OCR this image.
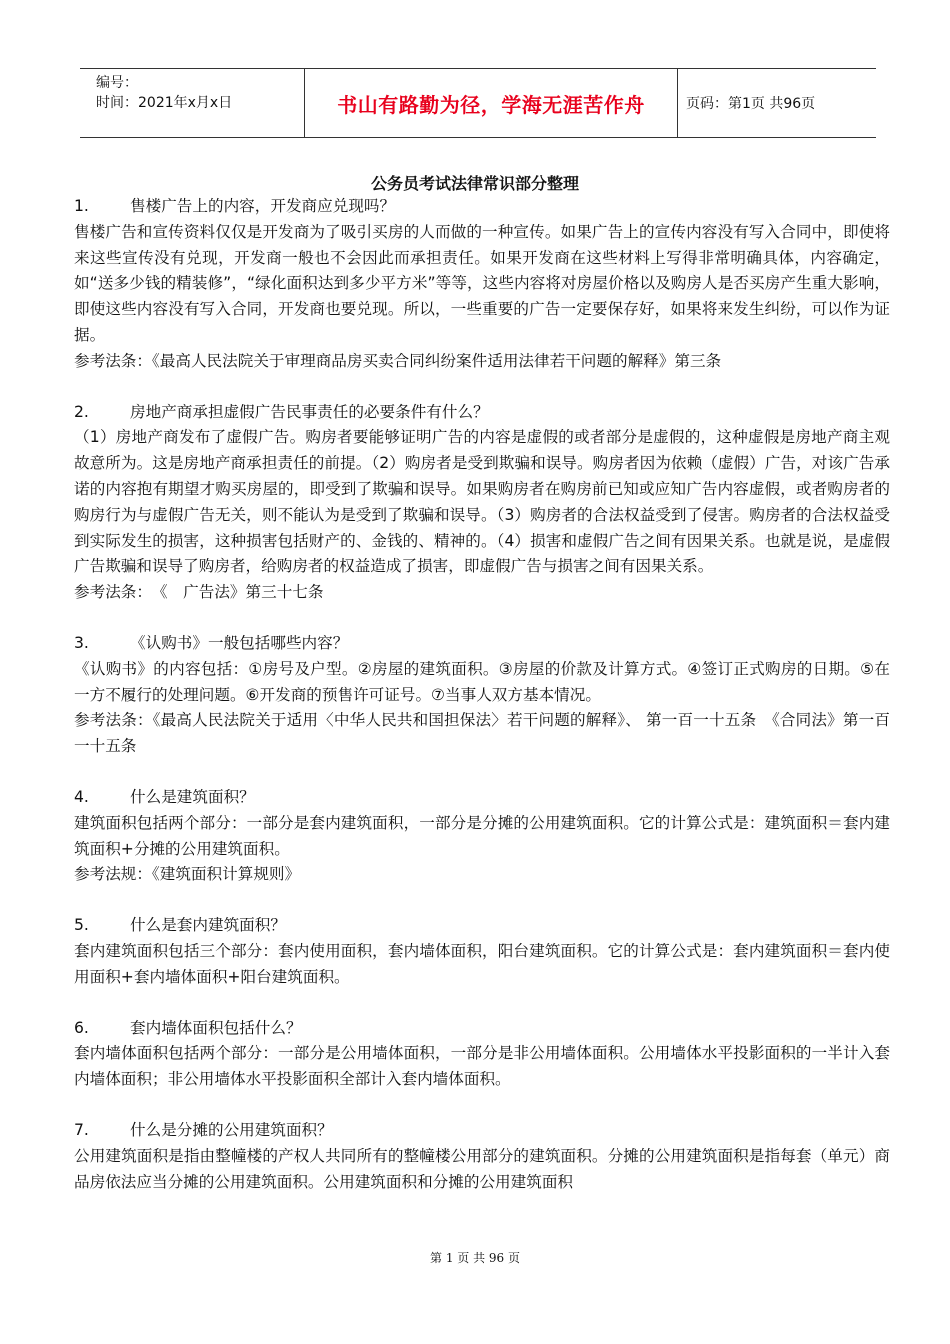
编号：
时间：2021年x月x日	书山有路勤为径，学海无涯苦作舟	页码：第1页 共96页
公务员考试法律常识部分整理
1.	售楼广告上的内容，开发商应兑现吗？
售楼广告和宣传资料仅仅是开发商为了吸引买房的人而做的一种宣传。如果广告上的宣传内容没有写入合同中，即使将来这些宣传没有兑现，开发商一般也不会因此而承担责任。如果开发商在这些材料上写得非常明确具体，内容确定，如“送多少钱的精装修”，“绿化面积达到多少平方米”等等，这些内容将对房屋价格以及购房人是否买房产生重大影响，即使这些内容没有写入合同，开发商也要兑现。所以，一些重要的广告一定要保存好，如果将来发生纠纷，可以作为证据。
参考法条：《最高人民法院关于审理商品房买卖合同纠纷案件适用法律若干问题的解释》第三条
2.	房地产商承担虚假广告民事责任的必要条件有什么？
（1）房地产商发布了虚假广告。购房者要能够证明广告的内容是虚假的或者部分是虚假的，这种虚假是房地产商主观故意所为。这是房地产商承担责任的前提。（2）购房者是受到欺骗和误导。购房者因为依赖（虚假）广告，对该广告承诺的内容抱有期望才购买房屋的，即受到了欺骗和误导。如果购房者在购房前已知或应知广告内容虚假，或者购房者的购房行为与虚假广告无关，则不能认为是受到了欺骗和误导。（3）购房者的合法权益受到了侵害。购房者的合法权益受到实际发生的损害，这种损害包括财产的、金钱的、精神的。（4）损害和虚假广告之间有因果关系。也就是说，是虚假广告欺骗和误导了购房者，给购房者的权益造成了损害，即虚假广告与损害之间有因果关系。
参考法条：　《　广告法》第三十七条
3.	《认购书》一般包括哪些内容？
《认购书》的内容包括：①房号及户型。②房屋的建筑面积。③房屋的价款及计算方式。④签订正式购房的日期。⑤在一方不履行的处理问题。⑥开发商的预售许可证号。⑦当事人双方基本情况。
参考法条：《最高人民法院关于适用〈中华人民共和国担保法〉若干问题的解释》、 第一百一十五条　《合同法》第一百一十五条
4.	什么是建筑面积？
建筑面积包括两个部分：一部分是套内建筑面积，一部分是分摊的公用建筑面积。它的计算公式是：建筑面积＝套内建筑面积+分摊的公用建筑面积。
参考法规：《建筑面积计算规则》
5.	什么是套内建筑面积？
套内建筑面积包括三个部分：套内使用面积，套内墙体面积，阳台建筑面积。它的计算公式是：套内建筑面积＝套内使用面积+套内墙体面积+阳台建筑面积。
6.	套内墙体面积包括什么？
套内墙体面积包括两个部分：一部分是公用墙体面积，一部分是非公用墙体面积。公用墙体水平投影面积的一半计入套内墙体面积；非公用墙体水平投影面积全部计入套内墙体面积。
7.	什么是分摊的公用建筑面积？
公用建筑面积是指由整幢楼的产权人共同所有的整幢楼公用部分的建筑面积。分摊的公用建筑面积是指每套（单元）商品房依法应当分摊的公用建筑面积。公用建筑面积和分摊的公用建筑面积
第 1 页 共 96 页
